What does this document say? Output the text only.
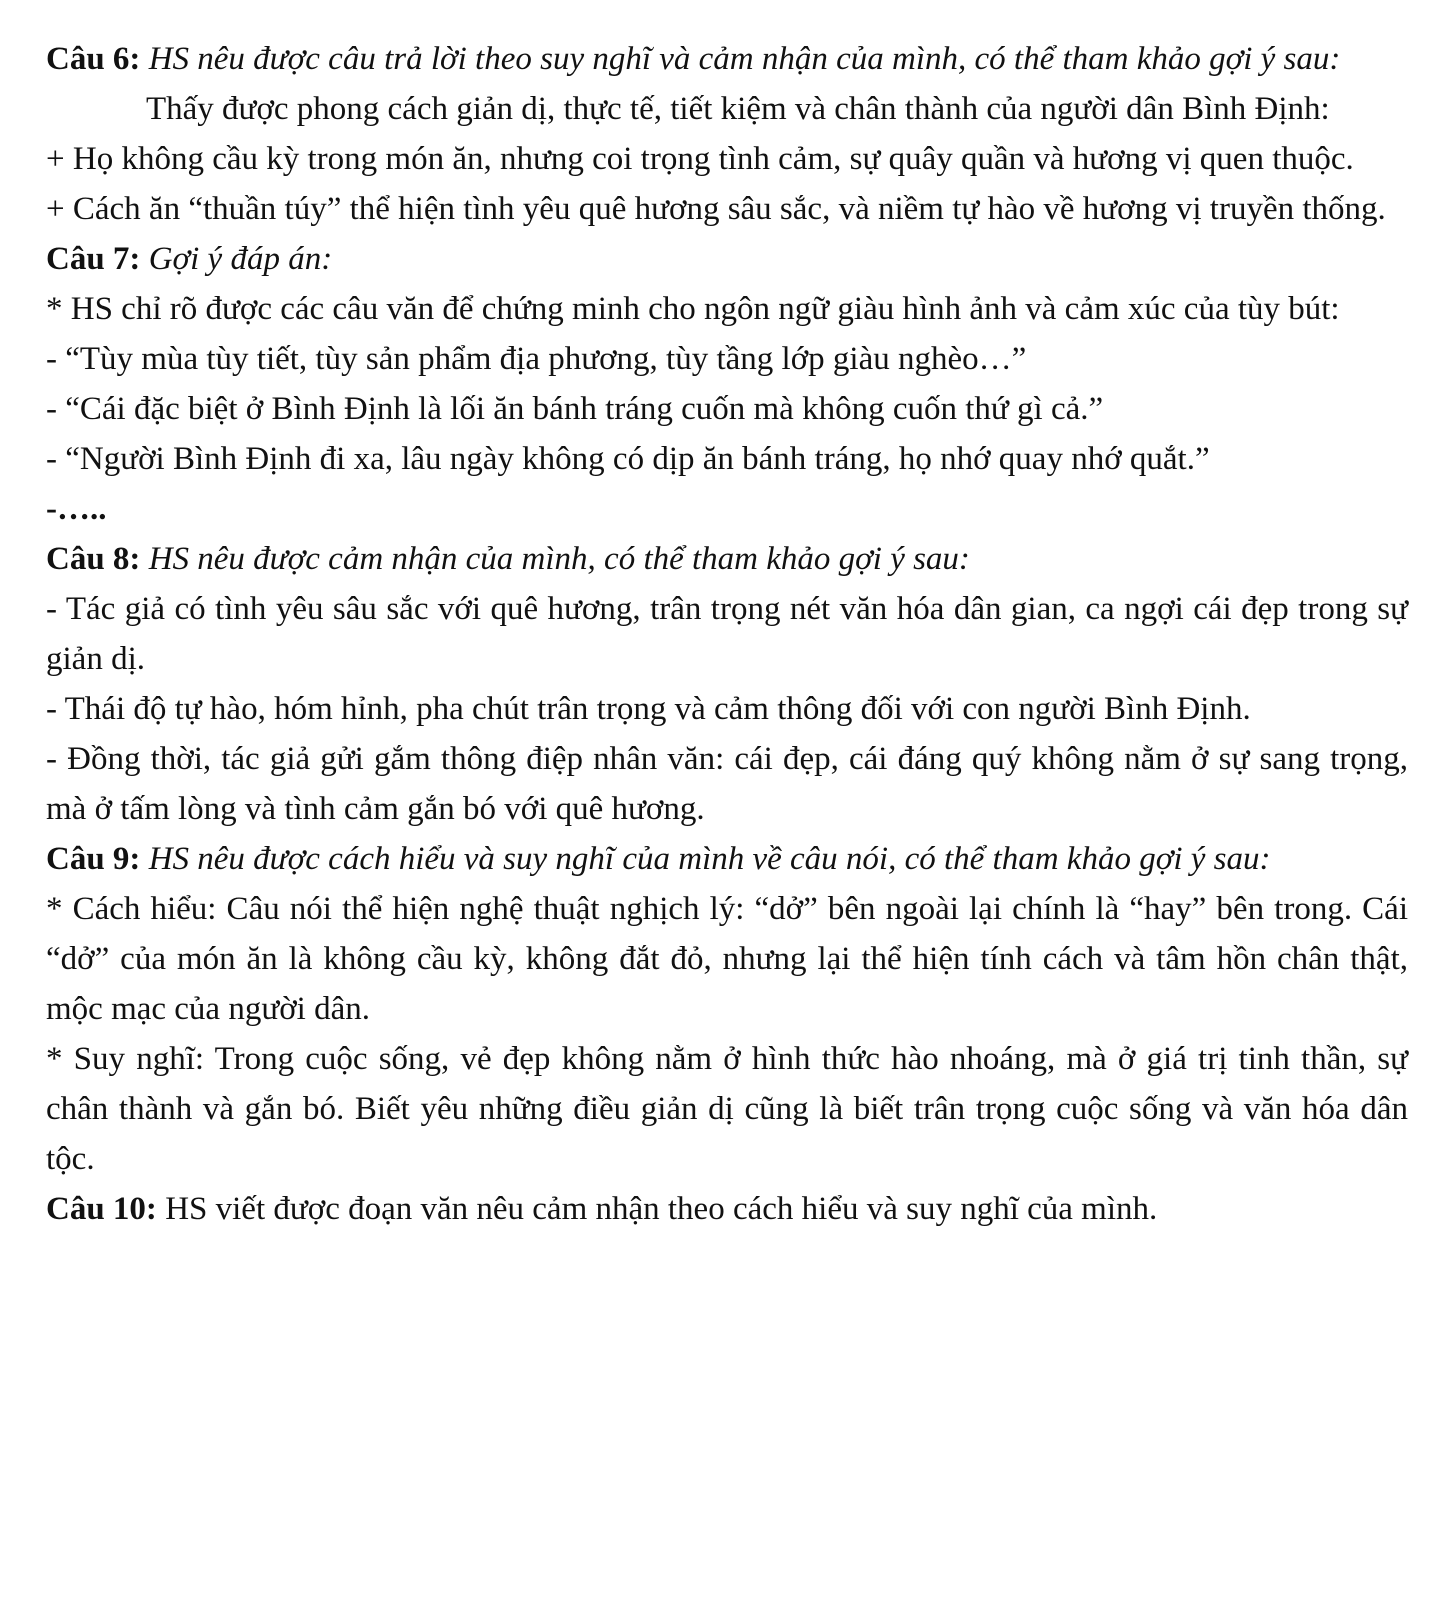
Câu 6: HS nêu được câu trả lời theo suy nghĩ và cảm nhận của mình, có thể tham khảo gợi ý sau:

Thấy được phong cách giản dị, thực tế, tiết kiệm và chân thành của người dân Bình Định:

+ Họ không cầu kỳ trong món ăn, nhưng coi trọng tình cảm, sự quây quần và hương vị quen thuộc.

+ Cách ăn “thuần túy” thể hiện tình yêu quê hương sâu sắc, và niềm tự hào về hương vị truyền thống.

Câu 7: Gợi ý đáp án:

* HS chỉ rõ được các câu văn để chứng minh cho ngôn ngữ giàu hình ảnh và cảm xúc của tùy bút:

- “Tùy mùa tùy tiết, tùy sản phẩm địa phương, tùy tầng lớp giàu nghèo…”

- “Cái đặc biệt ở Bình Định là lối ăn bánh tráng cuốn mà không cuốn thứ gì cả.”

- “Người Bình Định đi xa, lâu ngày không có dịp ăn bánh tráng, họ nhớ quay nhớ quắt.”

-…..

Câu 8: HS nêu được cảm nhận của mình, có thể tham khảo gợi ý sau:

- Tác giả có tình yêu sâu sắc với quê hương, trân trọng nét văn hóa dân gian, ca ngợi cái đẹp trong sự giản dị.

- Thái độ tự hào, hóm hỉnh, pha chút trân trọng và cảm thông đối với con người Bình Định.

- Đồng thời, tác giả gửi gắm thông điệp nhân văn: cái đẹp, cái đáng quý không nằm ở sự sang trọng, mà ở tấm lòng và tình cảm gắn bó với quê hương.

Câu 9: HS nêu được cách hiểu và suy nghĩ của mình về câu nói, có thể tham khảo gợi ý sau:

* Cách hiểu: Câu nói thể hiện nghệ thuật nghịch lý: “dở” bên ngoài lại chính là “hay” bên trong. Cái “dở” của món ăn là không cầu kỳ, không đắt đỏ, nhưng lại thể hiện tính cách và tâm hồn chân thật, mộc mạc của người dân.

* Suy nghĩ: Trong cuộc sống, vẻ đẹp không nằm ở hình thức hào nhoáng, mà ở giá trị tinh thần, sự chân thành và gắn bó. Biết yêu những điều giản dị cũng là biết trân trọng cuộc sống và văn hóa dân tộc.

Câu 10: HS viết được đoạn văn nêu cảm nhận theo cách hiểu và suy nghĩ của mình.
